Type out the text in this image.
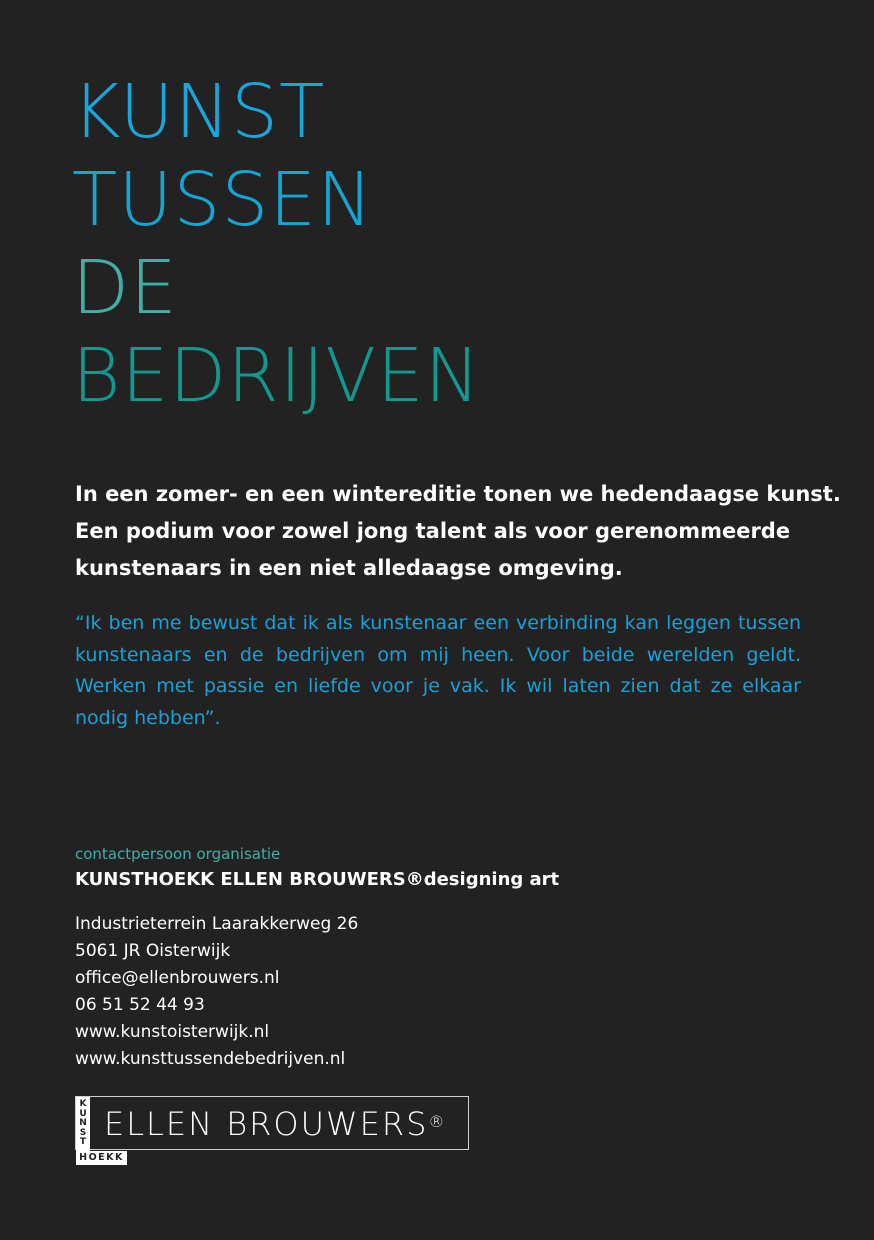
KUNST
TUSSEN
DE
BEDRIJVEN
In een zomer- en een wintereditie tonen we hedendaagse kunst.
Een podium voor zowel jong talent als voor gerenommeerde
kunstenaars in een niet alledaagse omgeving.
“Ik ben me bewust dat ik als kunstenaar een verbinding kan leggen tussen kunstenaars en de bedrijven om mij heen. Voor beide werelden geldt. Werken met passie en liefde voor je vak. Ik wil laten zien dat ze elkaar nodig hebben”.
contactpersoon organisatie
KUNSTHOEKK ELLEN BROUWERS®designing art
Industrieterrein Laarakkerweg 26
5061 JR Oisterwijk
office@ellenbrouwers.nl
06 51 52 44 93
www.kunstoisterwijk.nl
www.kunsttussendebedrijven.nl
K
U
N
S
T
HOEKK
ELLEN BROUWERS®
